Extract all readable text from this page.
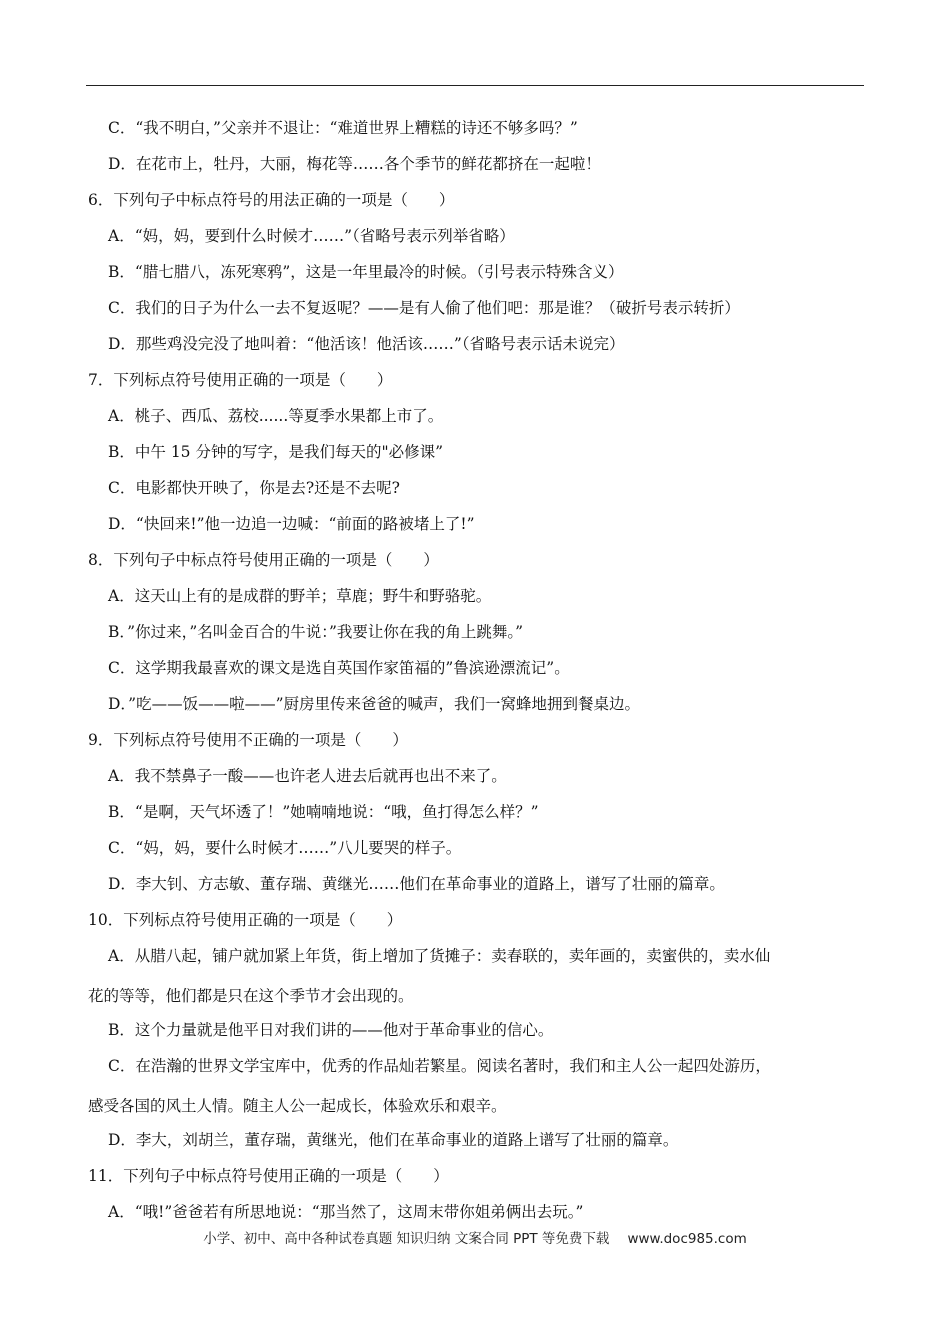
C．“我不明白，”父亲并不退让：“难道世界上糟糕的诗还不够多吗？”
D．在花市上，牡丹，大丽，梅花等……各个季节的鲜花都挤在一起啦！
6．下列句子中标点符号的用法正确的一项是（　　）
A．“妈，妈，要到什么时候才……”（省略号表示列举省略）
B．“腊七腊八，冻死寒鸦”，这是一年里最冷的时候。（引号表示特殊含义）
C．我们的日子为什么一去不复返呢？——是有人偷了他们吧：那是谁？（破折号表示转折）
D．那些鸡没完没了地叫着：“他活该！他活该……”（省略号表示话未说完）
7．下列标点符号使用正确的一项是（　　）
A．桃子、西瓜、荔校......等夏季水果都上市了。
B．中午 15 分钟的写字，是我们每天的"必修课”
C．电影都快开映了，你是去?还是不去呢?
D．“快回来!”他一边追一边喊：“前面的路被堵上了!”
8．下列句子中标点符号使用正确的一项是（　　）
A．这天山上有的是成群的野羊；草鹿；野牛和野骆驼。
B．”你过来，”名叫金百合的牛说：”我要让你在我的角上跳舞。”
C．这学期我最喜欢的课文是选自英国作家笛福的”鲁滨逊漂流记”。
D．”吃——饭——啦——”厨房里传来爸爸的喊声，我们一窝蜂地拥到餐桌边。
9．下列标点符号使用不正确的一项是（　　）
A．我不禁鼻子一酸——也许老人进去后就再也出不来了。
B．“是啊，天气坏透了！”她喃喃地说：“哦，鱼打得怎么样？”
C．“妈，妈，要什么时候才……”八儿要哭的样子。
D．李大钊、方志敏、董存瑞、黄继光……他们在革命事业的道路上，谱写了壮丽的篇章。
10．下列标点符号使用正确的一项是（　　）
A．从腊八起，铺户就加紧上年货，街上增加了货摊子：卖春联的，卖年画的，卖蜜供的，卖水仙
花的等等，他们都是只在这个季节才会出现的。
B．这个力量就是他平日对我们讲的——他对于革命事业的信心。
C．在浩瀚的世界文学宝库中，优秀的作品灿若繁星。阅读名著时，我们和主人公一起四处游历，
感受各国的风土人情。随主人公一起成长，体验欢乐和艰辛。
D．李大，刘胡兰，董存瑞，黄继光，他们在革命事业的道路上谱写了壮丽的篇章。
11．下列句子中标点符号使用正确的一项是（　　）
A．“哦!”爸爸若有所思地说：“那当然了，这周末带你姐弟俩出去玩。”
小学、初中、高中各种试卷真题 知识归纳 文案合同 PPT 等免费下载 www.doc985.com
